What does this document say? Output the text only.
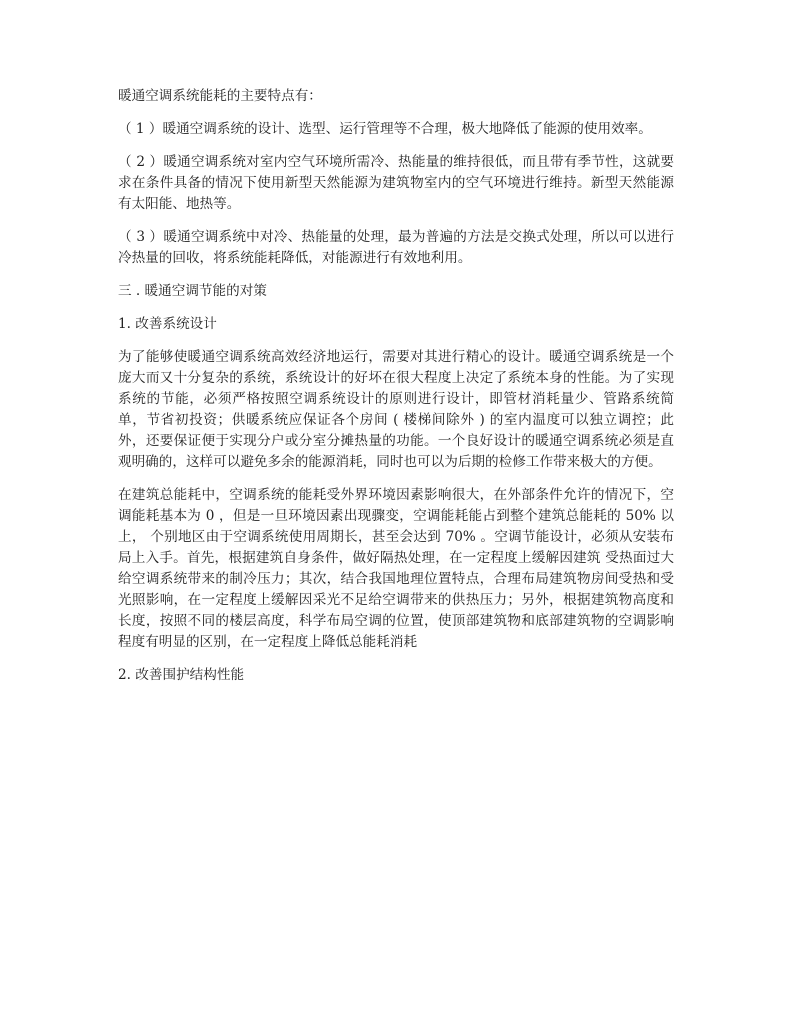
暖通空调系统能耗的主要特点有：

（ 1 ）暖通空调系统的设计、选型、运行管理等不合理，极大地降低了能源的使用效率。

（ 2 ）暖通空调系统对室内空气环境所需冷、热能量的维持很低，而且带有季节性，这就要求在条件具备的情况下使用新型天然能源为建筑物室内的空气环境进行维持。新型天然能源有太阳能、地热等。

（ 3 ）暖通空调系统中对冷、热能量的处理，最为普遍的方法是交换式处理，所以可以进行冷热量的回收，将系统能耗降低，对能源进行有效地利用。

三 . 暖通空调节能的对策

1. 改善系统设计

为了能够使暖通空调系统高效经济地运行，需要对其进行精心的设计。暖通空调系统是一个庞大而又十分复杂的系统，系统设计的好坏在很大程度上决定了系统本身的性能。为了实现系统的节能，必须严格按照空调系统设计的原则进行设计，即管材消耗量少、管路系统简单，节省初投资；供暖系统应保证各个房间 ( 楼梯间除外 ) 的室内温度可以独立调控；此外，还要保证便于实现分户或分室分摊热量的功能。一个良好设计的暖通空调系统必须是直观明确的，这样可以避免多余的能源消耗，同时也可以为后期的检修工作带来极大的方便。

在建筑总能耗中，空调系统的能耗受外界环境因素影响很大，在外部条件允许的情况下，空调能耗基本为 0 ，但是一旦环境因素出现骤变，空调能耗能占到整个建筑总能耗的 50% 以上， 个别地区由于空调系统使用周期长，甚至会达到 70% 。空调节能设计，必须从安装布局上入手。首先，根据建筑自身条件，做好隔热处理，在一定程度上缓解因建筑 受热面过大给空调系统带来的制冷压力；其次，结合我国地理位置特点，合理布局建筑物房间受热和受光照影响，在一定程度上缓解因采光不足给空调带来的供热压力；另外，根据建筑物高度和长度，按照不同的楼层高度，科学布局空调的位置，使顶部建筑物和底部建筑物的空调影响程度有明显的区别，在一定程度上降低总能耗消耗

2. 改善围护结构性能
